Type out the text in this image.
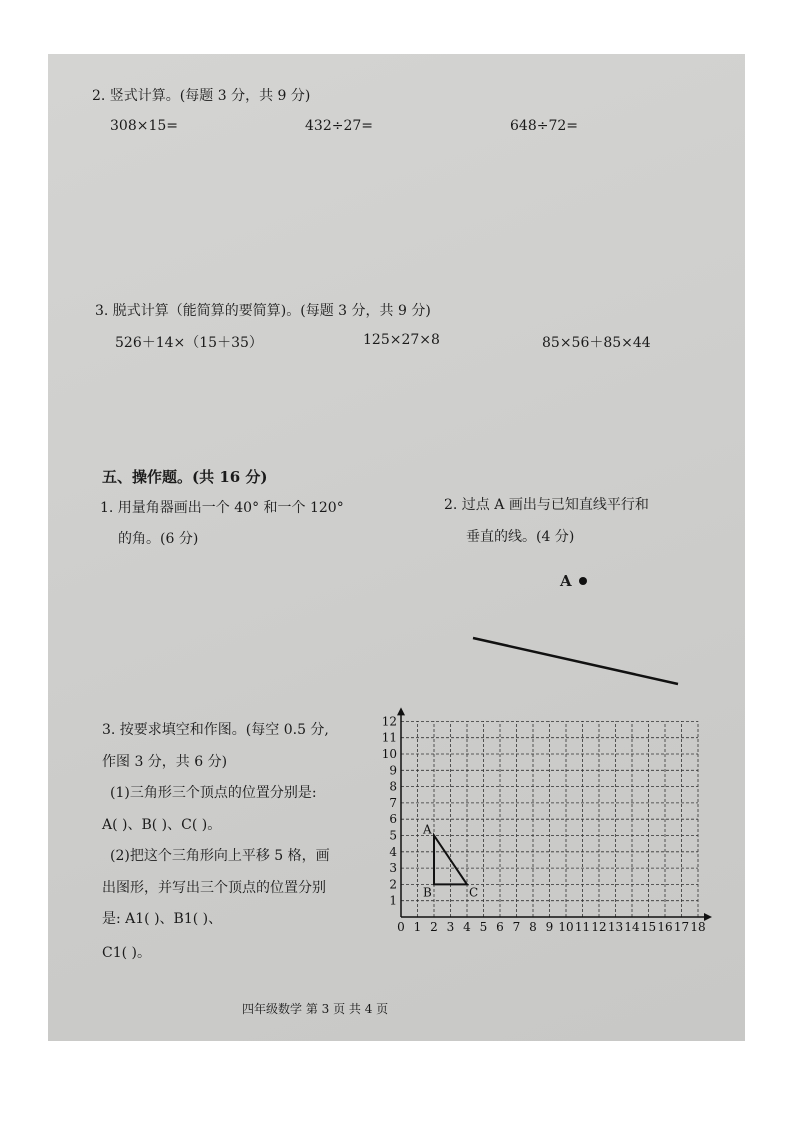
2. 竖式计算。(每题 3 分，共 9 分)
308×15=	432÷27=	648÷72=
3. 脱式计算（能简算的要简算)。(每题 3 分，共 9 分)
526＋14×（15＋35）	125×27×8	85×56＋85×44
五、操作题。(共 16 分)
1. 用量角器画出一个 40° 和一个 120°
的角。(6 分)
2. 过点 A 画出与已知直线平行和
垂直的线。(4 分)
A
3. 按要求填空和作图。(每空 0.5 分,
作图 3 分，共 6 分)
(1)三角形三个顶点的位置分别是:
A( )、B( )、C( )。
(2)把这个三角形向上平移 5 格，画
出图形，并写出三个顶点的位置分别
是: A1( )、B1( )、
C1( )。
四年级数学 第 3 页 共 4 页
0 1 2 3 4 5 6 7 8 9 10 11 12 13 14 15 16 17 18
1
2
3
4
5
6
7
8
9
10
11
12
A
B	C
